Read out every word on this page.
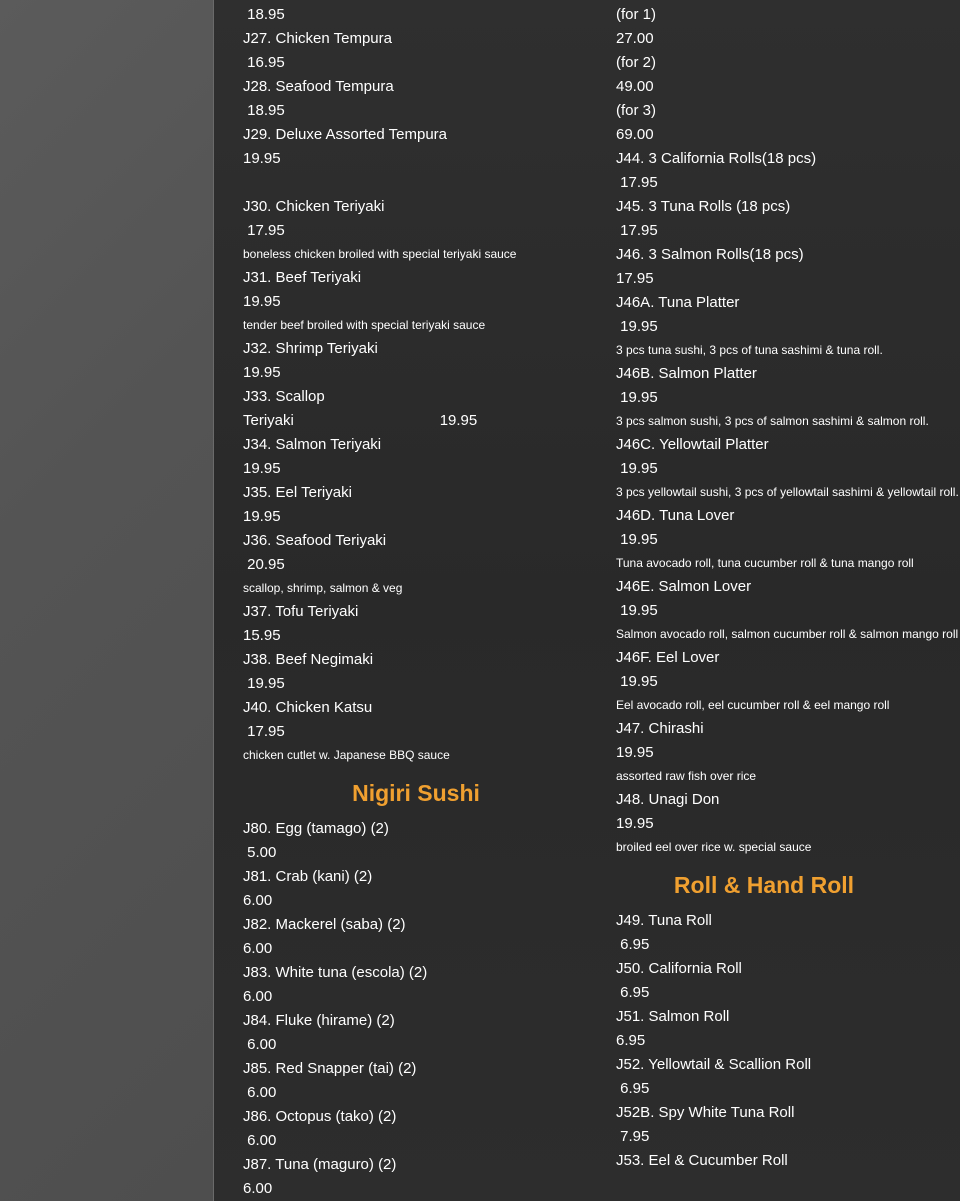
18.95
J27. Chicken Tempura
16.95
J28. Seafood Tempura
18.95
J29. Deluxe Assorted Tempura
19.95
J30. Chicken Teriyaki
17.95
boneless chicken broiled with special teriyaki sauce
J31. Beef Teriyaki
19.95
tender beef broiled with special teriyaki sauce
J32. Shrimp Teriyaki
19.95
J33. Scallop
Teriyaki                                   19.95
J34. Salmon Teriyaki
19.95
J35. Eel Teriyaki
19.95
J36. Seafood Teriyaki
20.95
scallop, shrimp, salmon & veg
J37. Tofu Teriyaki
15.95
J38. Beef Negimaki
19.95
J40. Chicken Katsu
17.95
chicken cutlet w. Japanese BBQ sauce
Nigiri Sushi
J80. Egg (tamago) (2)
5.00
J81. Crab (kani) (2)
6.00
J82. Mackerel (saba) (2)
6.00
J83. White tuna (escola) (2)
6.00
J84. Fluke (hirame) (2)
6.00
J85. Red Snapper (tai) (2)
6.00
J86. Octopus (tako) (2)
6.00
J87. Tuna (maguro) (2)
6.00
(for 1)
27.00
(for 2)
49.00
(for 3)
69.00
J44. 3 California Rolls(18 pcs)
17.95
J45. 3 Tuna Rolls (18 pcs)
17.95
J46. 3 Salmon Rolls(18 pcs)
17.95
J46A. Tuna Platter
19.95
3 pcs tuna sushi, 3 pcs of tuna sashimi & tuna roll.
J46B. Salmon Platter
19.95
3 pcs salmon sushi, 3 pcs of salmon sashimi & salmon roll.
J46C. Yellowtail Platter
19.95
3 pcs yellowtail sushi, 3 pcs of yellowtail sashimi & yellowtail roll.
J46D. Tuna Lover
19.95
Tuna avocado roll, tuna cucumber roll & tuna mango roll
J46E. Salmon Lover
19.95
Salmon avocado roll, salmon cucumber roll & salmon mango roll
J46F. Eel Lover
19.95
Eel avocado roll, eel cucumber roll & eel mango roll
J47. Chirashi
19.95
assorted raw fish over rice
J48. Unagi Don
19.95
broiled eel over rice w. special sauce
Roll & Hand Roll
J49. Tuna Roll
6.95
J50. California Roll
6.95
J51. Salmon Roll
6.95
J52. Yellowtail & Scallion Roll
6.95
J52B. Spy White Tuna Roll
7.95
J53. Eel & Cucumber Roll
